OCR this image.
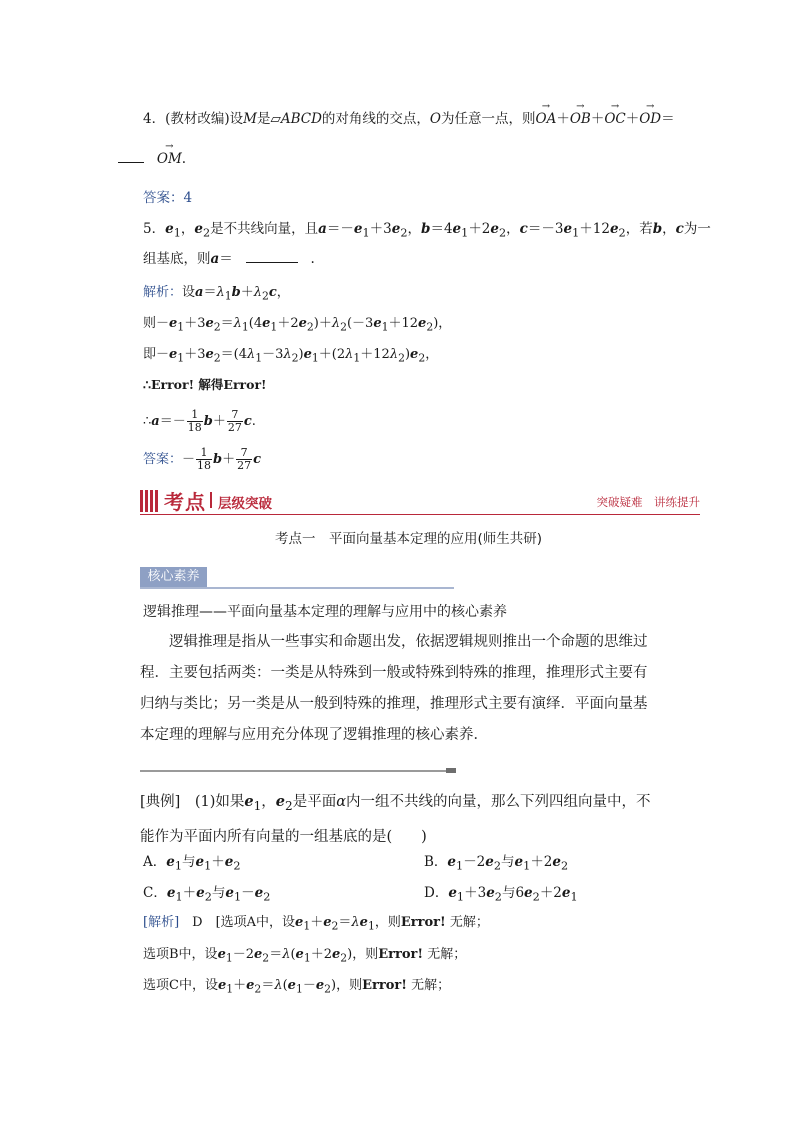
4．(教材改编)设M是▱ABCD的对角线的交点，O为任意一点，则→ OA＋→ OB＋→ OC＋→ OD＝
→ OM.
答案：4
5．$e_1$，$e_2$是不共线向量，且$a=-e_1+3e_2$，$b=4e_1+2e_2$，$c=-3e_1+12e_2$，若b，c为一
组基底，则a＝	.
解析：设$a=\lambda_1b+\lambda_2c$，
则$-e_1+3e_2=\lambda_1(4e_1+2e_2)+\lambda_2(-3e_1+12e_2)$，
即$-e_1+3e_2=(4\lambda_1-3\lambda_2)e_1+(2\lambda_1+12\lambda_2)e_2$，
∴Error! 解得Error!
∴a＝－ $\frac{1}{18} b+ \frac{7}{27} c$.
答案：－ $\frac{1}{18} b+ \frac{7}{27}$ c
考点 层级突破	突破疑难　讲练提升
考点一　平面向量基本定理的应用(师生共研)
核心素养
逻辑推理——平面向量基本定理的理解与应用中的核心素养
逻辑推理是指从一些事实和命题出发，依据逻辑规则推出一个命题的思维过程．主要包括两类：一类是从特殊到一般或特殊到特殊的推理，推理形式主要有归纳与类比；另一类是从一般到特殊的推理，推理形式主要有演绎．平面向量基本定理的理解与应用充分体现了逻辑推理的核心素养．
[典例]　(1)如果$e_1$，$e_2$是平面α内一组不共线的向量，那么下列四组向量中，不能作为平面内所有向量的一组基底的是(　　)
A．$e_1$与$e_1+e_2$	B．$e_1-2e_2$与$e_1+2e_2$
C．$e_1+e_2$与$e_1-e_2$	D．$e_1+3e_2$与$6e_2+2e_1$
[解析]　D　[选项A中，设$e_1+e_2=\lambda e_1$，则Error! 无解；
选项B中，设$e_1-2e_2=\lambda(e_1+2e_2)$，则Error! 无解；
选项C中，设$e_1+e_2=\lambda(e_1-e_2)$，则Error! 无解；
